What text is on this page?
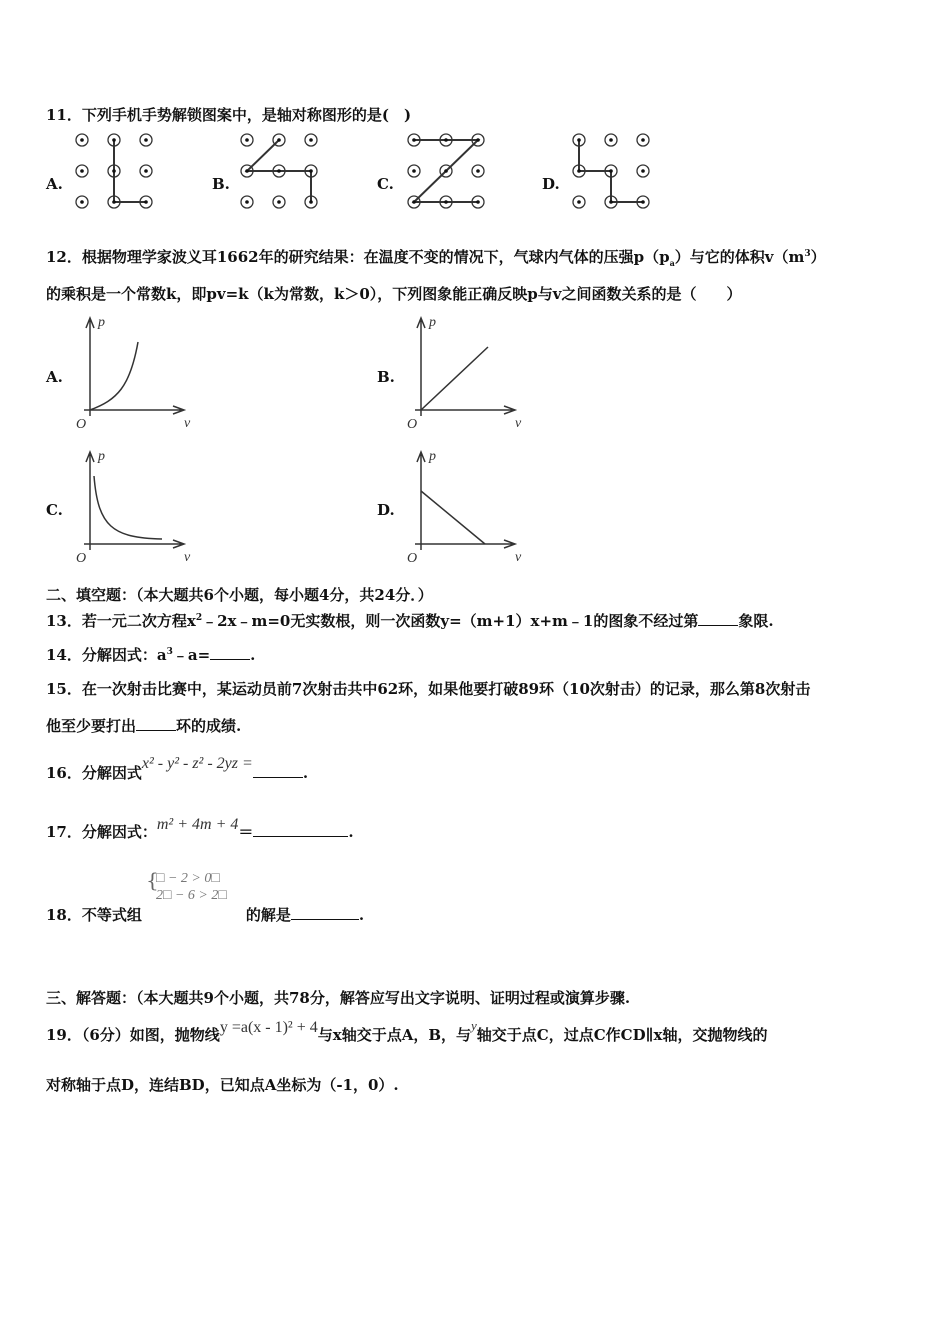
11．下列手机手势解锁图案中，是轴对称图形的是(　)
A.	B.	C.	D.
12．根据物理学家波义耳1662年的研究结果：在温度不变的情况下，气球内气体的压强$p(p_a)$与它的体积$v(m^3)$
的乘积是一个常数k，即pv=k（k为常数，k＞0），下列图象能正确反映p与v之间函数关系的是（　　）
A.	B.
C.	D.
p
v
O
p
v
O
p
v
O
p
v
O
二、填空题：（本大题共6个小题，每小题4分，共24分．）
13．若一元二次方程$x^2﹣2x﹣m=0$无实数根，则一次函数y=（m+1）x+m﹣1的图象不经过第	象限.
14．分解因式：$a^3﹣a=$	.
15．在一次射击比赛中，某运动员前7次射击共中62环，如果他要打破89环（10次射击）的记录，那么第8次射击
他至少要打出	环的成绩.
16．分解因式x² - y² - z² - 2yz =.
17．分解因式：m² + 4m + 4＝	.
18．不等式组	的解是	.
{
□ − 2 > 0□
2□ − 6 > 2□
三、解答题：（本大题共9个小题，共78分，解答应写出文字说明、证明过程或演算步骤.
19．（6分）如图，抛物线y =a(x - 1)² + 4与x轴交于点A，B，与y轴交于点C，过点C作CD∥x轴，交抛物线的
对称轴于点D，连结BD，已知点A坐标为（-1，0）.
